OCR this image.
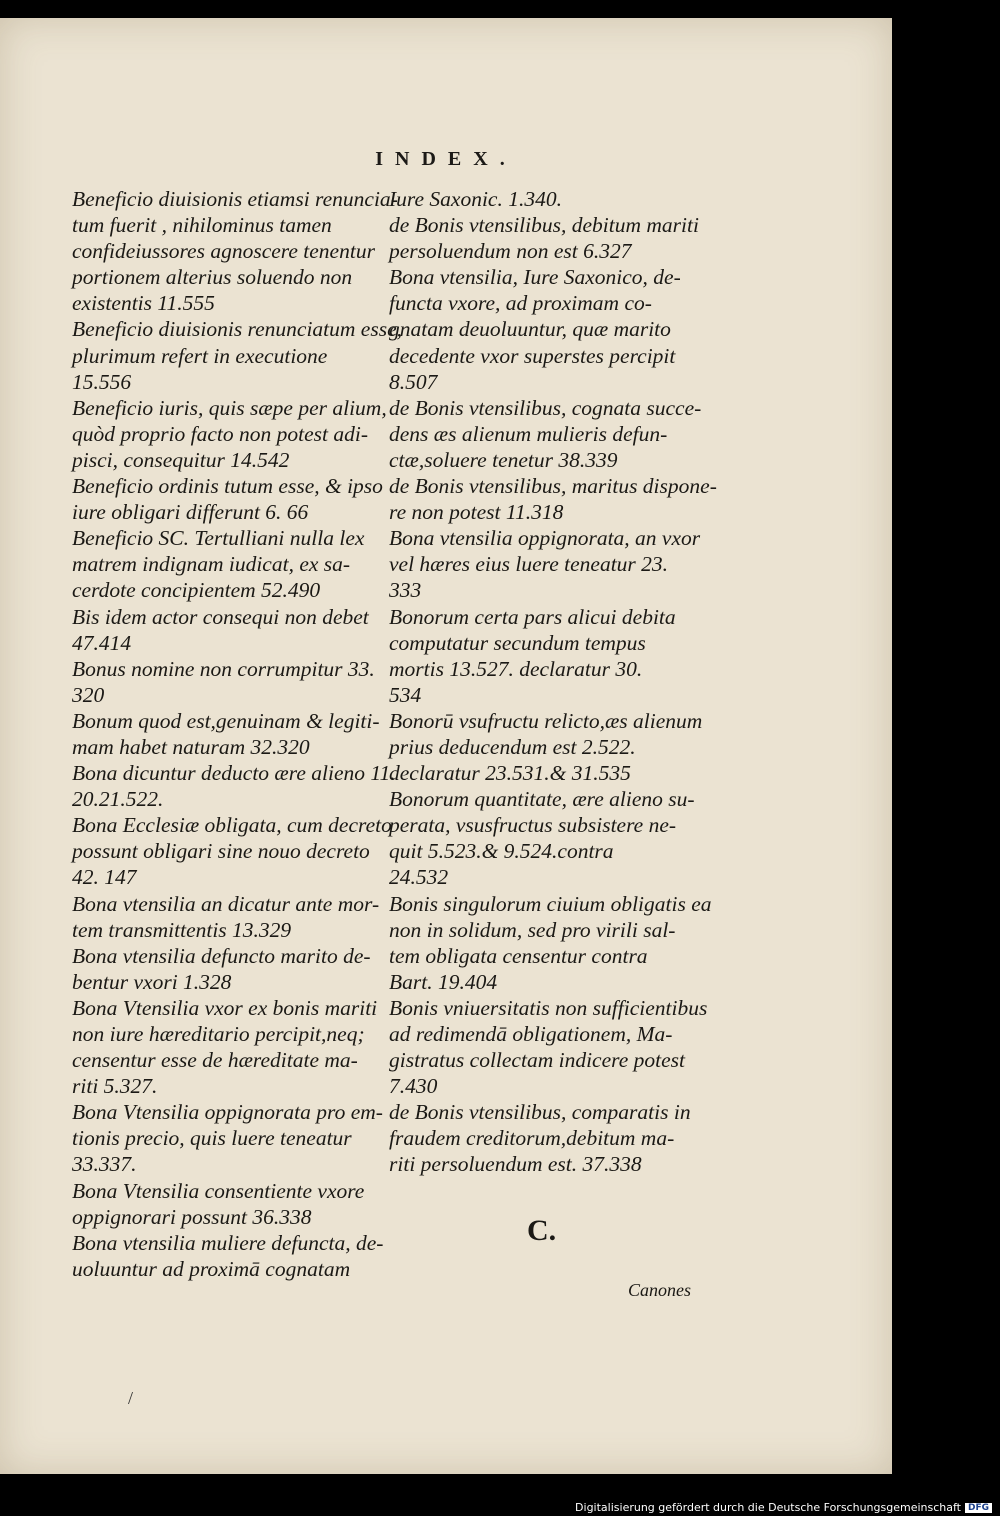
INDEX.
Beneficio diuisionis etiamsi renuncia-
tum fuerit , nihilominus tamen
confideiussores agnoscere tenentur
portionem alterius soluendo non
existentis 11.555
Beneficio diuisionis renunciatum esse,
plurimum refert in executione
15.556
Beneficio iuris, quis sæpe per alium,
quòd proprio facto non potest adi-
pisci, consequitur 14.542
Beneficio ordinis tutum esse, & ipso
iure obligari differunt 6. 66
Beneficio SC. Tertulliani nulla lex
matrem indignam iudicat, ex sa-
cerdote concipientem 52.490
Bis idem actor consequi non debet
47.414
Bonus nomine non corrumpitur 33.
320
Bonum quod est,genuinam & legiti-
mam habet naturam 32.320
Bona dicuntur deducto ære alieno 11.
20.21.522.
Bona Ecclesiæ obligata, cum decreto
possunt obligari sine nouo decreto
42. 147
Bona vtensilia an dicatur ante mor-
tem transmittentis 13.329
Bona vtensilia defuncto marito de-
bentur vxori 1.328
Bona Vtensilia vxor ex bonis mariti
non iure hæreditario percipit,neq;
censentur esse de hæreditate ma-
riti 5.327.
Bona Vtensilia oppignorata pro em-
tionis precio, quis luere teneatur
33.337.
Bona Vtensilia consentiente vxore
oppignorari possunt 36.338
Bona vtensilia muliere defuncta, de-
uoluuntur ad proximā cognatam
Iure Saxonic. 1.340.
de Bonis vtensilibus, debitum mariti
persoluendum non est 6.327
Bona vtensilia, Iure Saxonico, de-
functa vxore, ad proximam co-
gnatam deuoluuntur, quæ marito
decedente vxor superstes percipit
8.507
de Bonis vtensilibus, cognata succe-
dens æs alienum mulieris defun-
ctæ,soluere tenetur 38.339
de Bonis vtensilibus, maritus dispone-
re non potest 11.318
Bona vtensilia oppignorata, an vxor
vel hæres eius luere teneatur 23.
333
Bonorum certa pars alicui debita
computatur secundum tempus
mortis 13.527. declaratur 30.
534
Bonorū vsufructu relicto,æs alienum
prius deducendum est 2.522.
declaratur 23.531.& 31.535
Bonorum quantitate, ære alieno su-
perata, vsusfructus subsistere ne-
quit 5.523.& 9.524.contra
24.532
Bonis singulorum ciuium obligatis ea
non in solidum, sed pro virili sal-
tem obligata censentur contra
Bart. 19.404
Bonis vniuersitatis non sufficientibus
ad redimendā obligationem, Ma-
gistratus collectam indicere potest
7.430
de Bonis vtensilibus, comparatis in
fraudem creditorum,debitum ma-
riti persoluendum est. 37.338
C.
Canones
/
Digitalisierung gefördert durch die Deutsche Forschungsgemeinschaft DFG
